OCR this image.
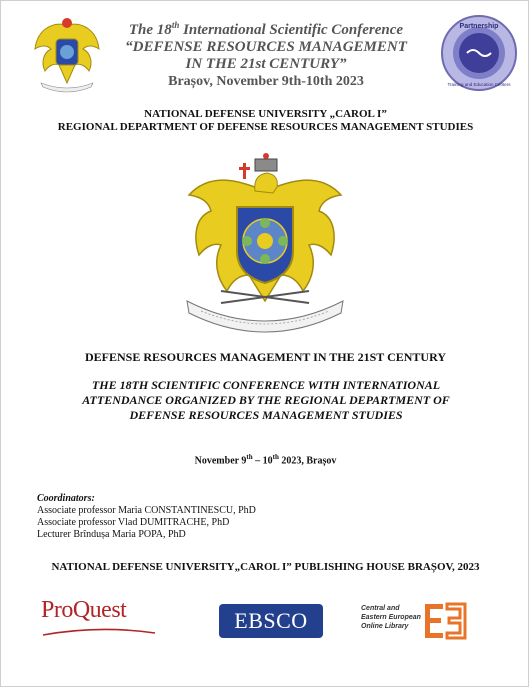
Partnership
Training and Education Centers
The 18th International Scientific Conference
“DEFENSE RESOURCES MANAGEMENT
IN THE 21st CENTURY”
Brașov, November 9th-10th 2023
NATIONAL DEFENSE UNIVERSITY „CAROL I”
REGIONAL DEPARTMENT OF DEFENSE RESOURCES MANAGEMENT STUDIES
DEFENSE RESOURCES MANAGEMENT IN THE 21ST CENTURY
THE 18TH SCIENTIFIC CONFERENCE WITH INTERNATIONAL ATTENDANCE ORGANIZED BY THE REGIONAL DEPARTMENT OF DEFENSE RESOURCES MANAGEMENT STUDIES
November 9th – 10th 2023, Brașov
Coordinators:
Associate professor Maria CONSTANTINESCU, PhD
Associate professor Vlad DUMITRACHE, PhD
Lecturer Brîndușa Maria POPA, PhD
NATIONAL DEFENSE UNIVERSITY„CAROL I” PUBLISHING HOUSE BRAȘOV, 2023
ProQuest	EBSCO	Central and
Eastern European
Online Library
